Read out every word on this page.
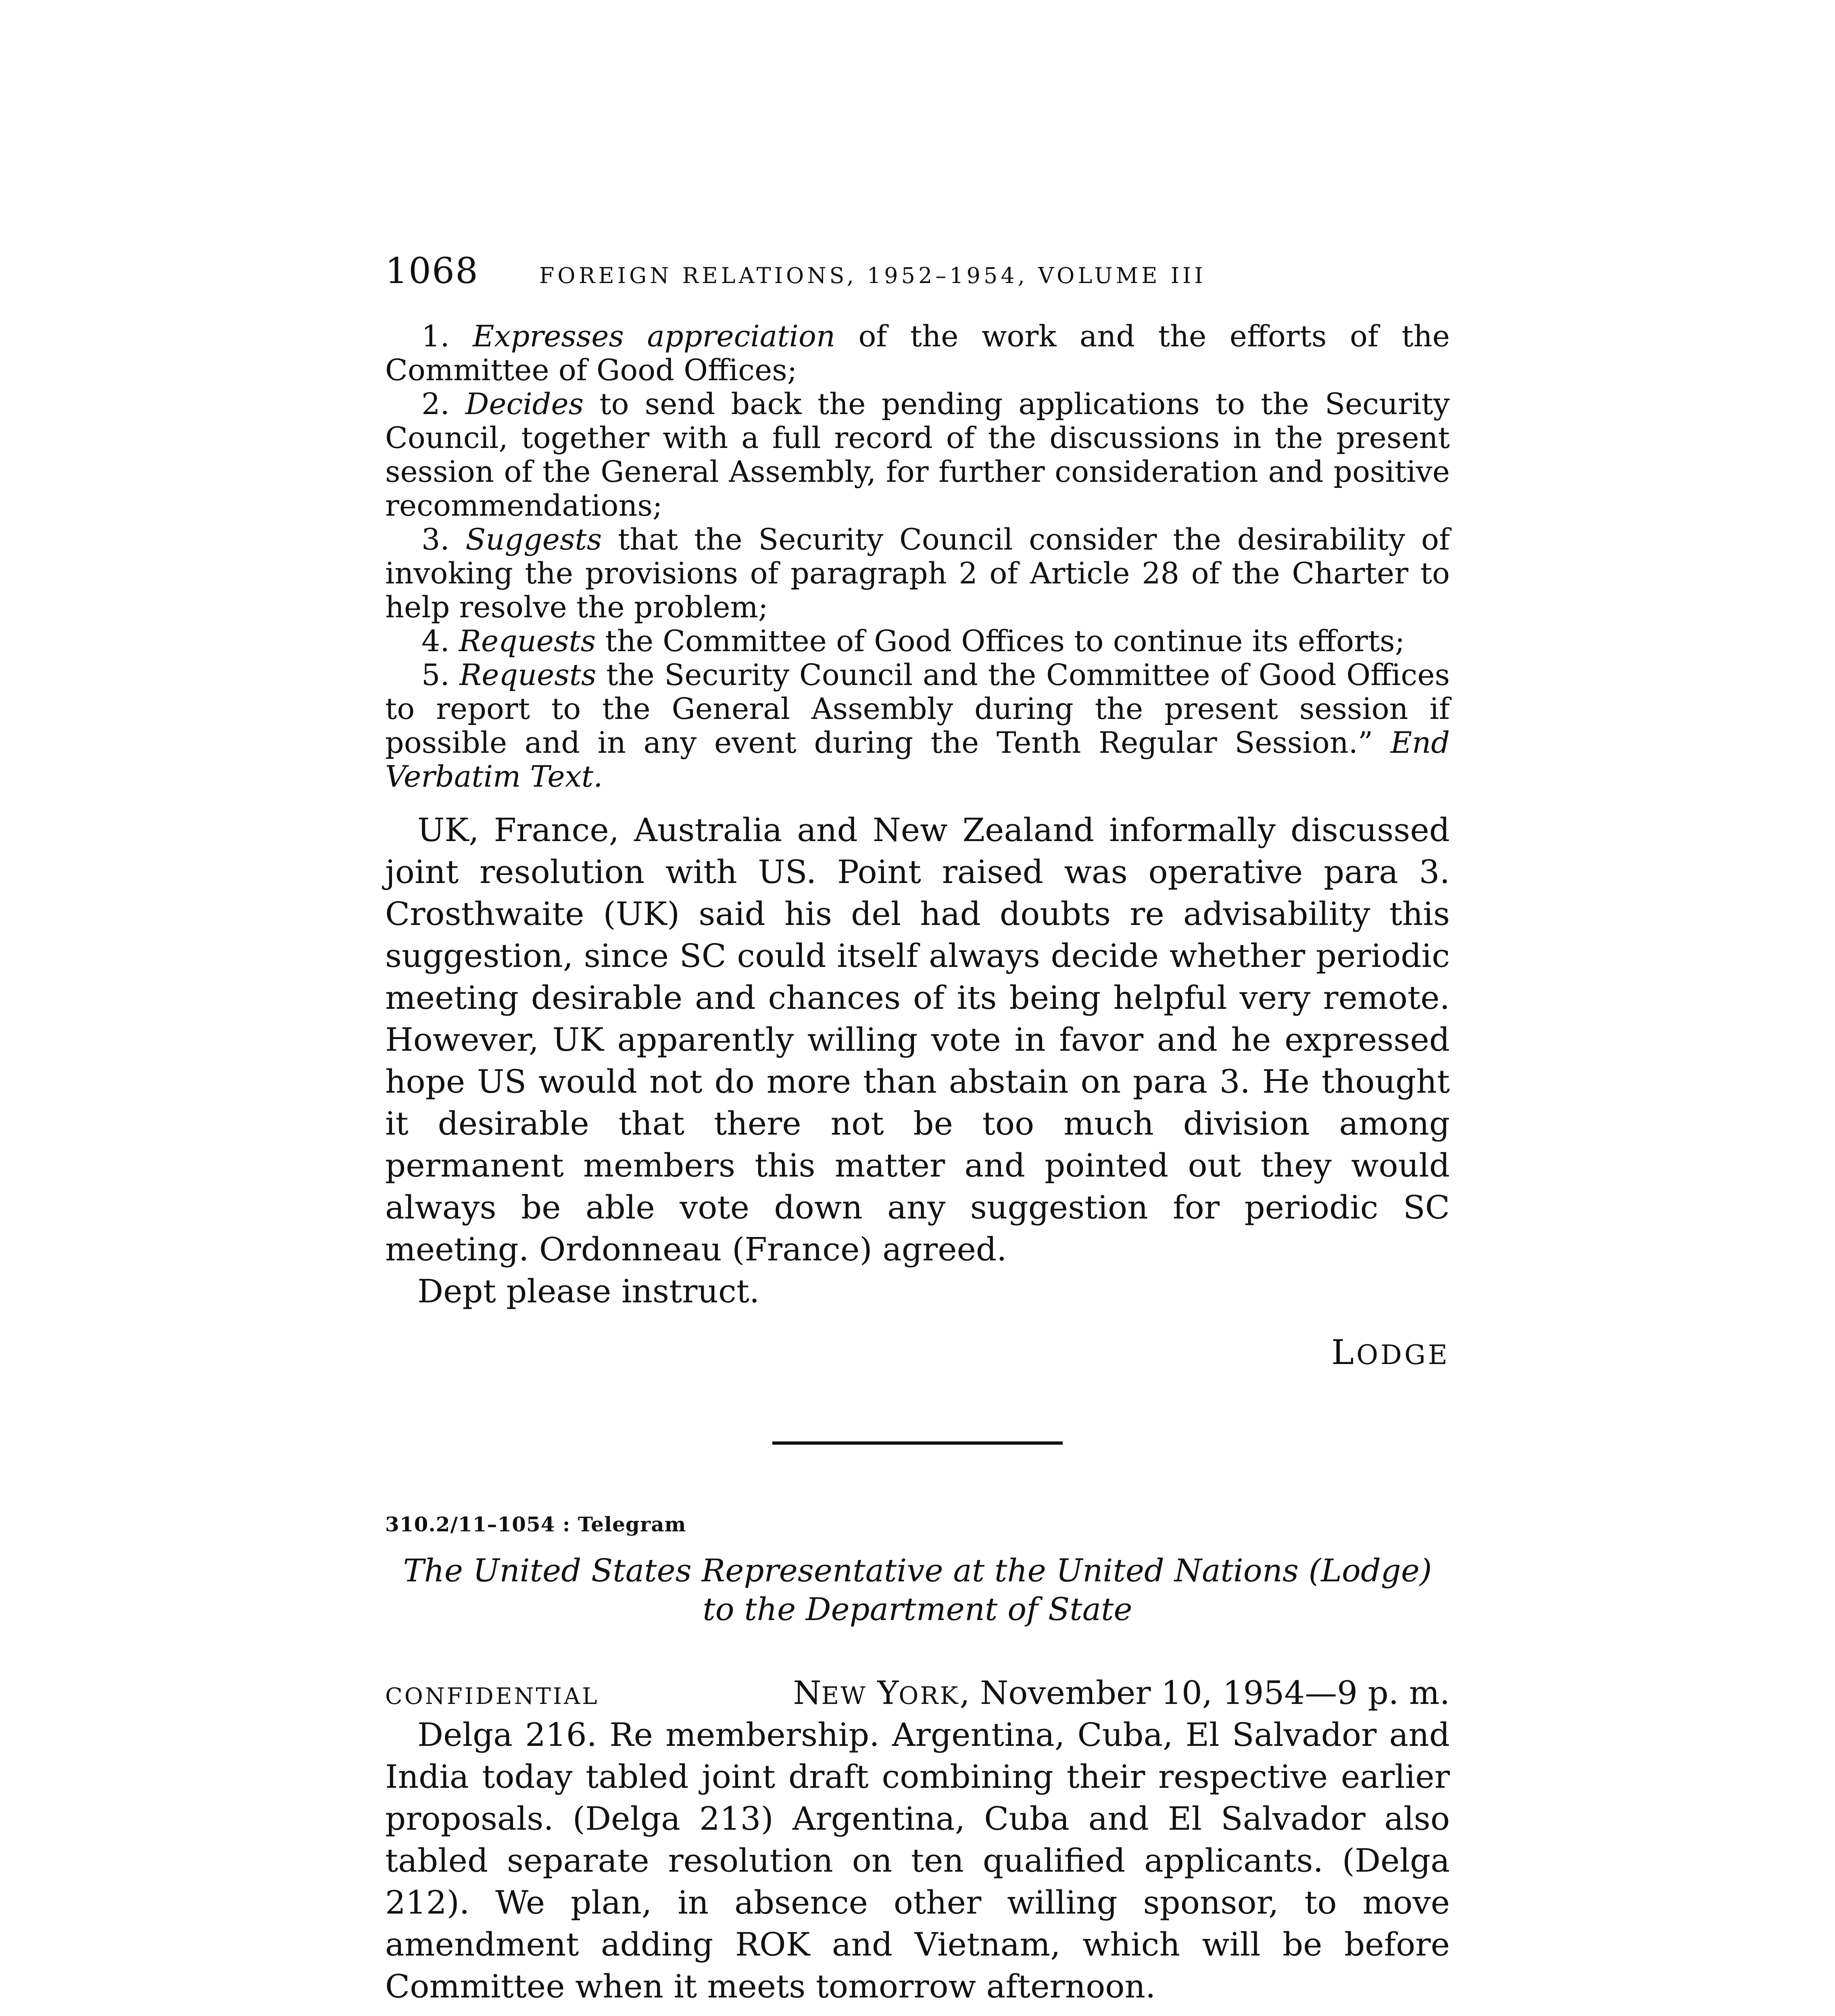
1068	FOREIGN RELATIONS, 1952–1954, VOLUME III

1. Expresses appreciation of the work and the efforts of the Committee of Good Offices;

2. Decides to send back the pending applications to the Security Council, together with a full record of the discussions in the present session of the General Assembly, for further consideration and positive recommendations;

3. Suggests that the Security Council consider the desirability of invoking the provisions of paragraph 2 of Article 28 of the Charter to help resolve the problem;

4. Requests the Committee of Good Offices to continue its efforts;

5. Requests the Security Council and the Committee of Good Offices to report to the General Assembly during the present session if possible and in any event during the Tenth Regular Session.” End Verbatim Text.

UK, France, Australia and New Zealand informally discussed joint resolution with US. Point raised was operative para 3. Crosthwaite (UK) said his del had doubts re advisability this suggestion, since SC could itself always decide whether periodic meeting desirable and chances of its being helpful very remote. However, UK apparently willing vote in favor and he expressed hope US would not do more than abstain on para 3. He thought it desirable that there not be too much division among permanent members this matter and pointed out they would always be able vote down any suggestion for periodic SC meeting. Ordonneau (France) agreed.

Dept please instruct.

LODGE
310.2/11–1054 : Telegram
The United States Representative at the United Nations (Lodge)
to the Department of State
CONFIDENTIAL	NEW YORK, November 10, 1954—9 p. m.

Delga 216. Re membership. Argentina, Cuba, El Salvador and India today tabled joint draft combining their respective earlier proposals. (Delga 213) Argentina, Cuba and El Salvador also tabled separate resolution on ten qualified applicants. (Delga 212). We plan, in absence other willing sponsor, to move amendment adding ROK and Vietnam, which will be before Committee when it meets tomorrow afternoon.
